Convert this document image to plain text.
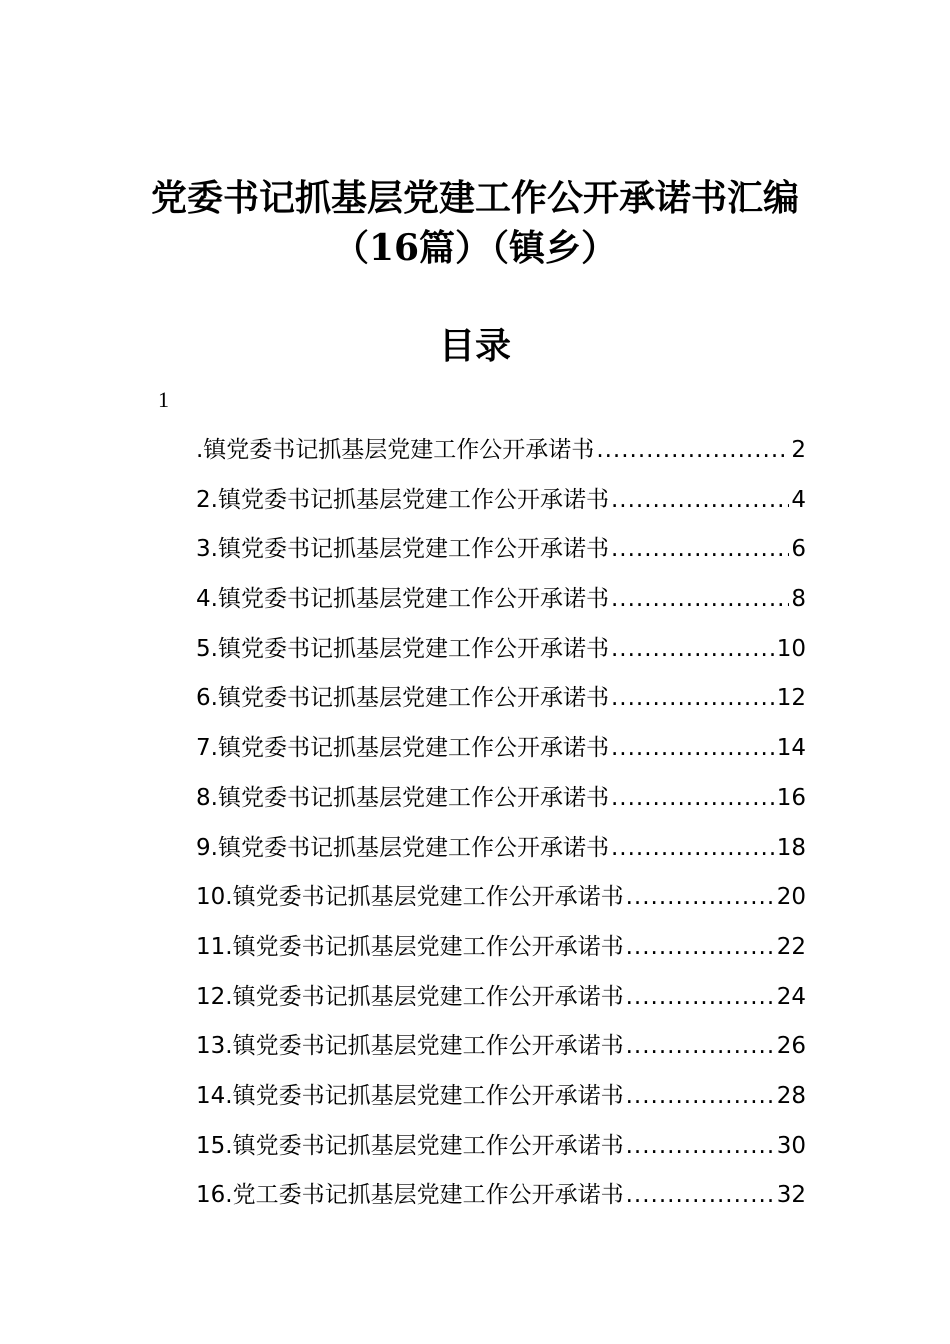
党委书记抓基层党建工作公开承诺书汇编
（16篇）（镇乡）
目录
1
.镇党委书记抓基层党建工作公开承诺书 .....	2
2.镇党委书记抓基层党建工作公开承诺书 .....	4
3.镇党委书记抓基层党建工作公开承诺书 .....	6
4.镇党委书记抓基层党建工作公开承诺书 .....	8
5.镇党委书记抓基层党建工作公开承诺书 .....	10
6.镇党委书记抓基层党建工作公开承诺书 .....	12
7.镇党委书记抓基层党建工作公开承诺书 .....	14
8.镇党委书记抓基层党建工作公开承诺书 .....	16
9.镇党委书记抓基层党建工作公开承诺书 .....	18
10.镇党委书记抓基层党建工作公开承诺书 .....	20
11.镇党委书记抓基层党建工作公开承诺书 .....	22
12.镇党委书记抓基层党建工作公开承诺书 .....	24
13.镇党委书记抓基层党建工作公开承诺书 .....	26
14.镇党委书记抓基层党建工作公开承诺书 .....	28
15.镇党委书记抓基层党建工作公开承诺书 .....	30
16.党工委书记抓基层党建工作公开承诺书 .....	32
